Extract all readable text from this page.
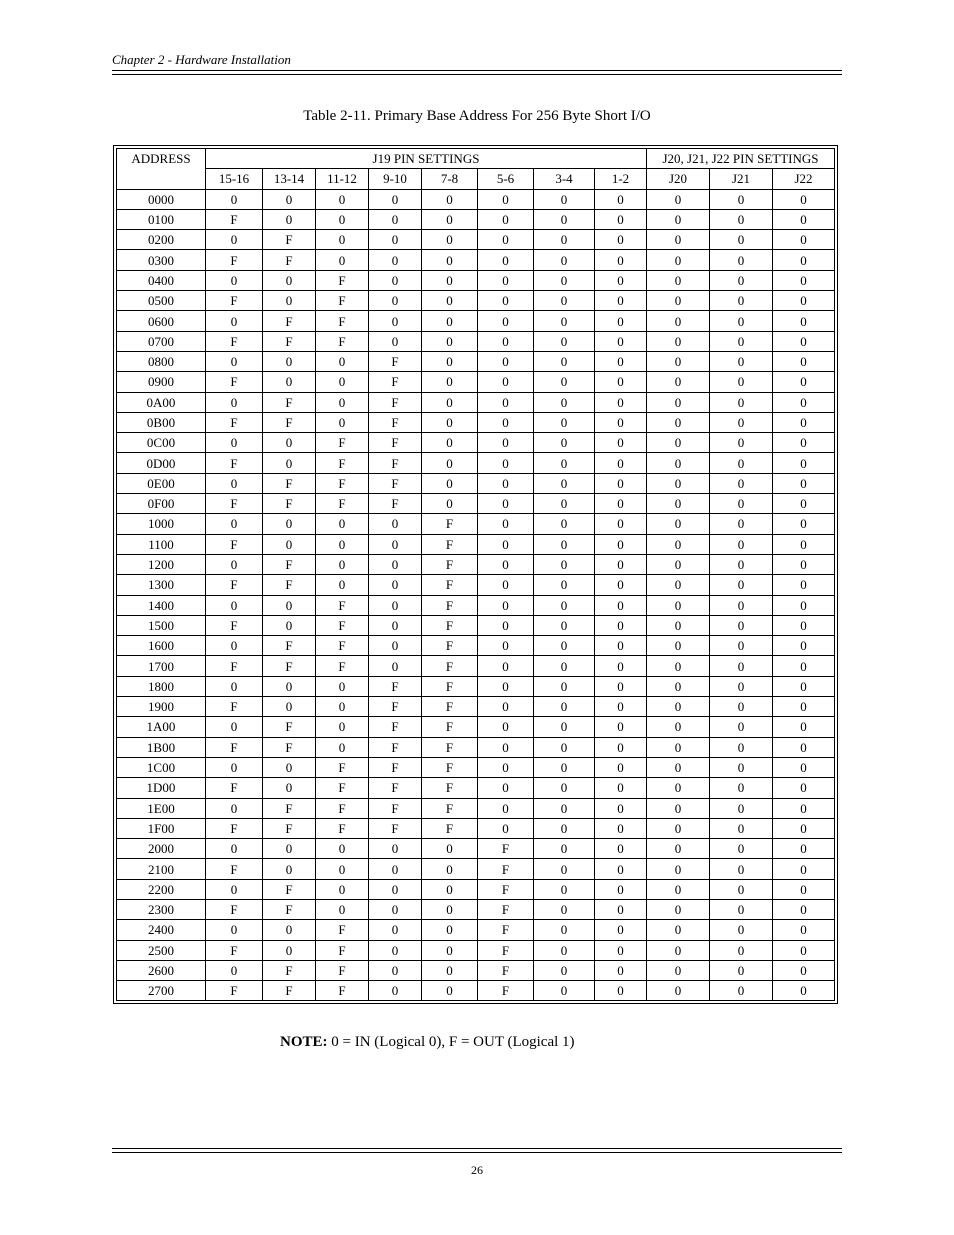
Chapter 2 - Hardware Installation
Table 2-11. Primary Base Address For 256 Byte Short I/O
ADDRESS	J19 PIN SETTINGS								J20, J21, J22 PIN SETTINGS		
	15-16	13-14	11-12	9-10	7-8	5-6	3-4	1-2	J20	J21	J22
0000	0	0	0	0	0	0	0	0	0	0	0
0100	F	0	0	0	0	0	0	0	0	0	0
0200	0	F	0	0	0	0	0	0	0	0	0
0300	F	F	0	0	0	0	0	0	0	0	0
0400	0	0	F	0	0	0	0	0	0	0	0
0500	F	0	F	0	0	0	0	0	0	0	0
0600	0	F	F	0	0	0	0	0	0	0	0
0700	F	F	F	0	0	0	0	0	0	0	0
0800	0	0	0	F	0	0	0	0	0	0	0
0900	F	0	0	F	0	0	0	0	0	0	0
0A00	0	F	0	F	0	0	0	0	0	0	0
0B00	F	F	0	F	0	0	0	0	0	0	0
0C00	0	0	F	F	0	0	0	0	0	0	0
0D00	F	0	F	F	0	0	0	0	0	0	0
0E00	0	F	F	F	0	0	0	0	0	0	0
0F00	F	F	F	F	0	0	0	0	0	0	0
1000	0	0	0	0	F	0	0	0	0	0	0
1100	F	0	0	0	F	0	0	0	0	0	0
1200	0	F	0	0	F	0	0	0	0	0	0
1300	F	F	0	0	F	0	0	0	0	0	0
1400	0	0	F	0	F	0	0	0	0	0	0
1500	F	0	F	0	F	0	0	0	0	0	0
1600	0	F	F	0	F	0	0	0	0	0	0
1700	F	F	F	0	F	0	0	0	0	0	0
1800	0	0	0	F	F	0	0	0	0	0	0
1900	F	0	0	F	F	0	0	0	0	0	0
1A00	0	F	0	F	F	0	0	0	0	0	0
1B00	F	F	0	F	F	0	0	0	0	0	0
1C00	0	0	F	F	F	0	0	0	0	0	0
1D00	F	0	F	F	F	0	0	0	0	0	0
1E00	0	F	F	F	F	0	0	0	0	0	0
1F00	F	F	F	F	F	0	0	0	0	0	0
2000	0	0	0	0	0	F	0	0	0	0	0
2100	F	0	0	0	0	F	0	0	0	0	0
2200	0	F	0	0	0	F	0	0	0	0	0
2300	F	F	0	0	0	F	0	0	0	0	0
2400	0	0	F	0	0	F	0	0	0	0	0
2500	F	0	F	0	0	F	0	0	0	0	0
2600	0	F	F	0	0	F	0	0	0	0	0
2700	F	F	F	0	0	F	0	0	0	0	0
NOTE: 0 = IN (Logical 0), F = OUT (Logical 1)
26
